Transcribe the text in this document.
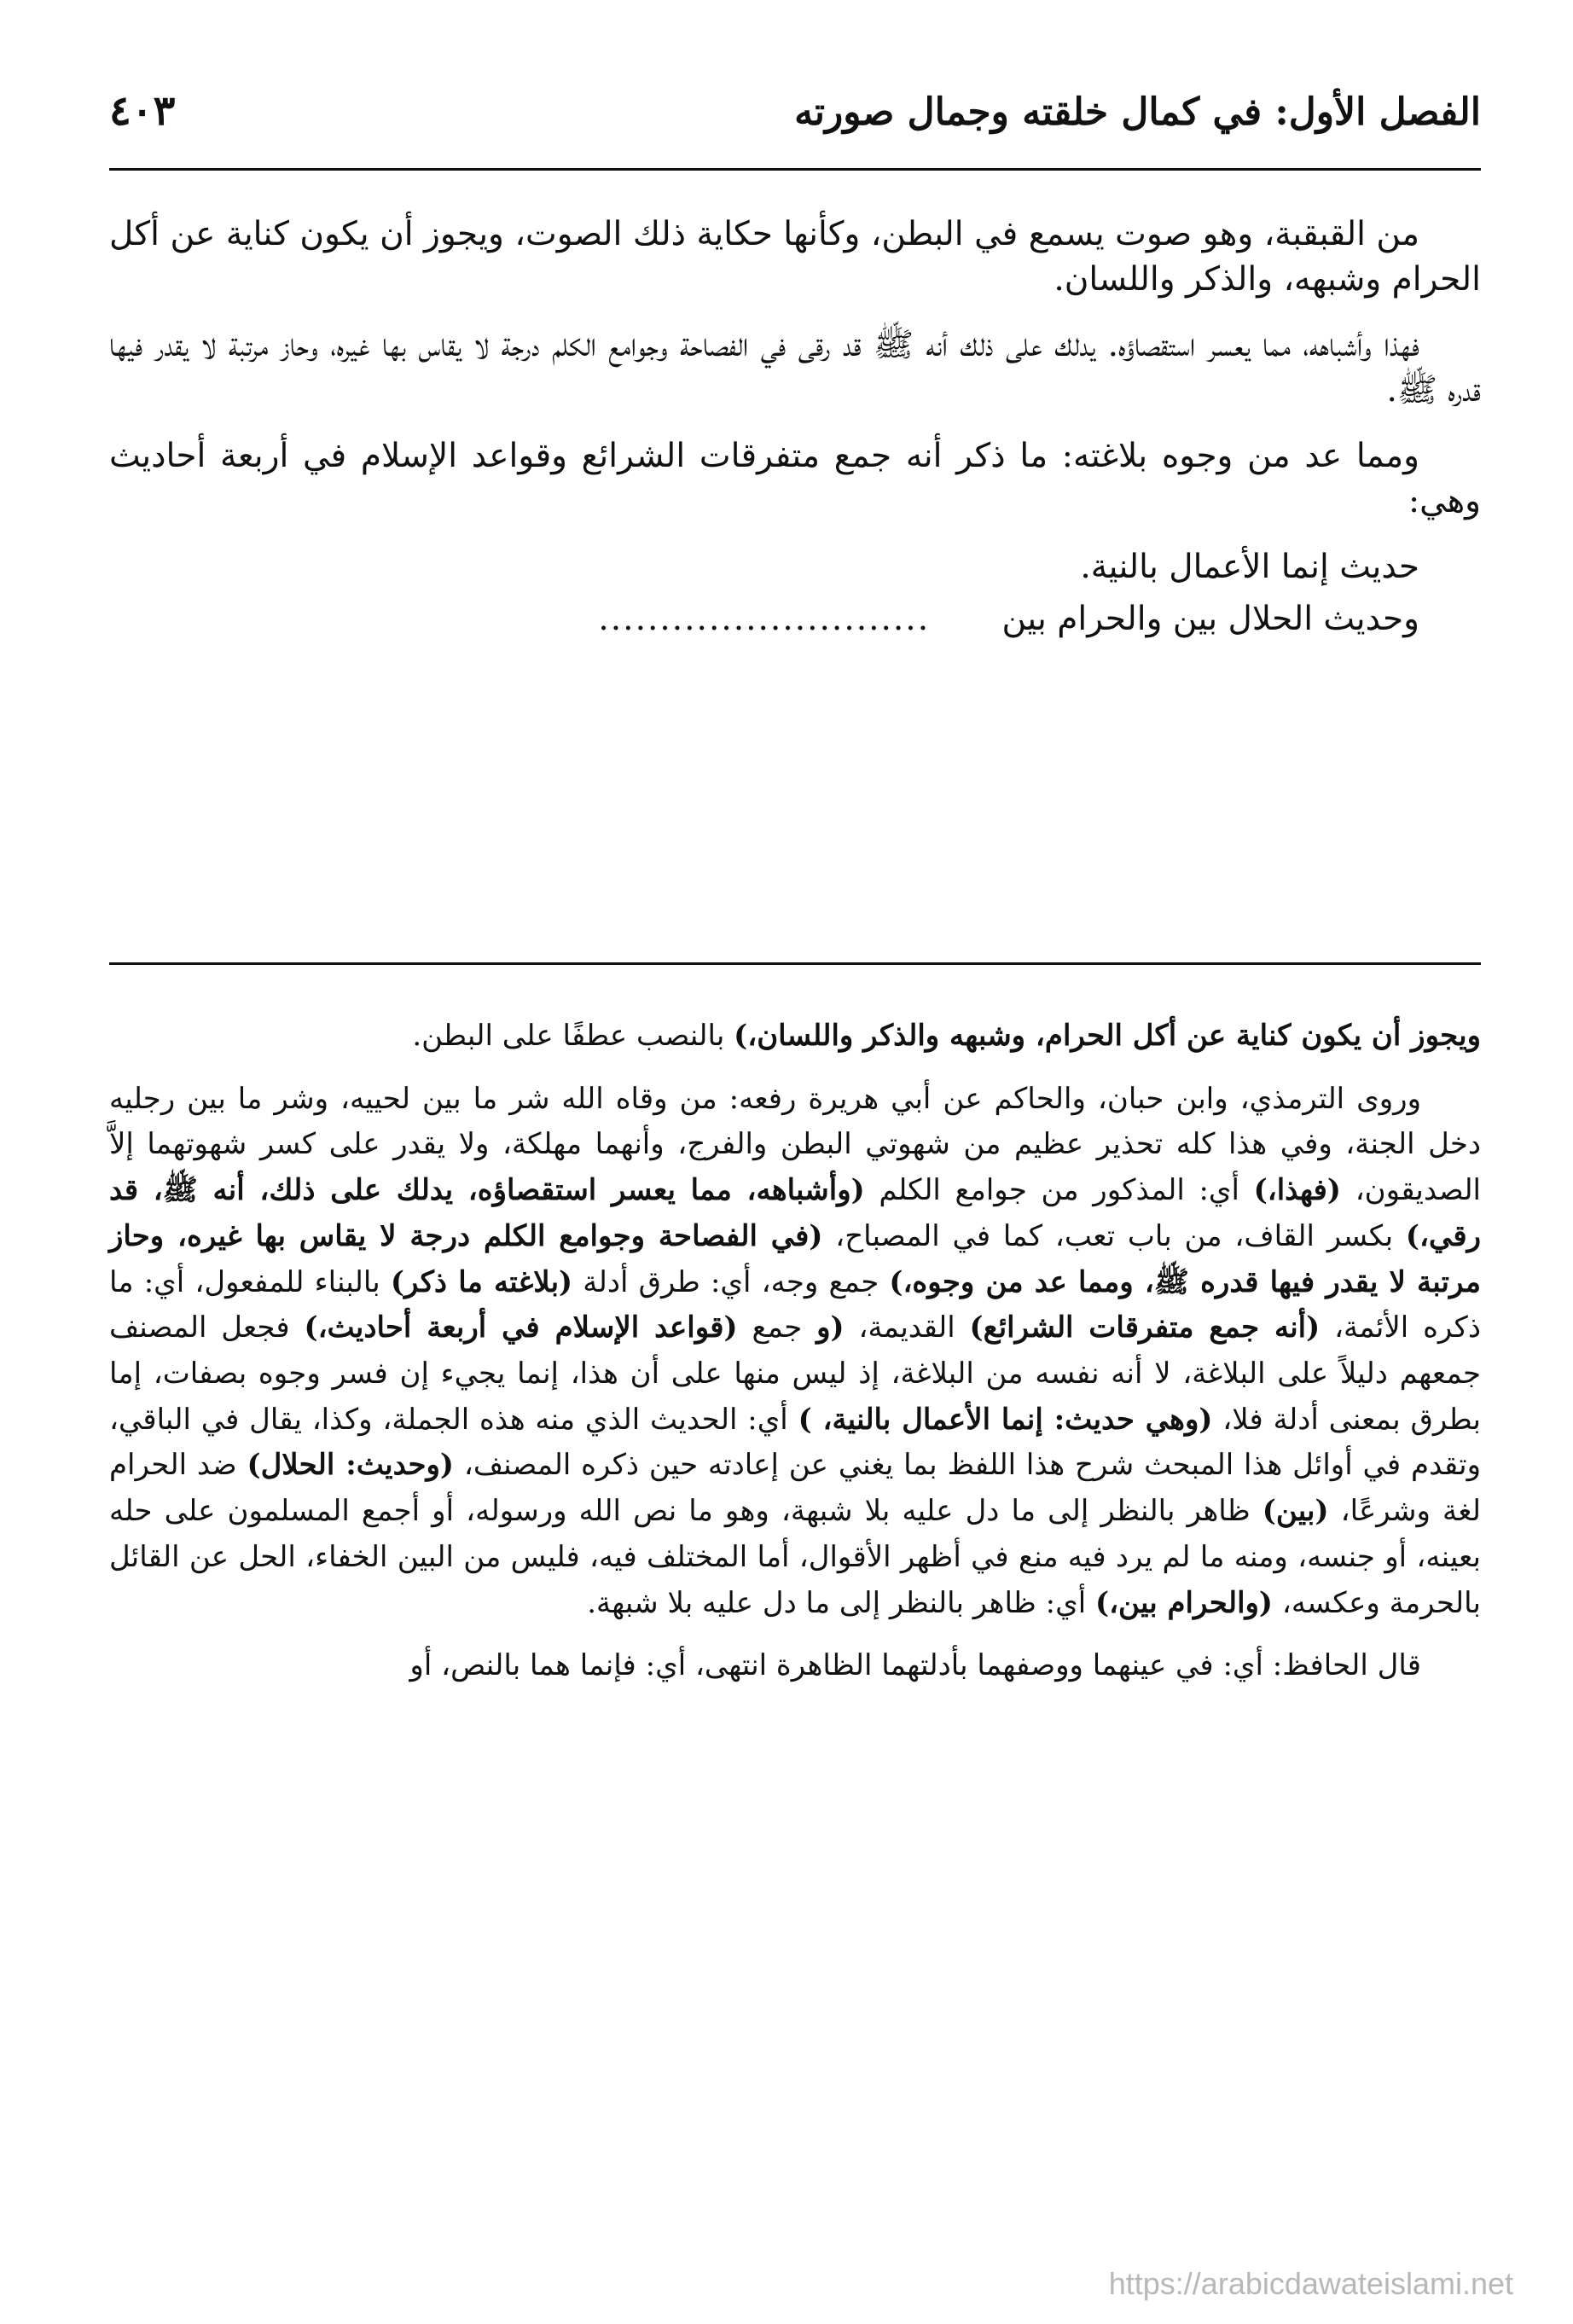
الفصل الأول: في كمال خلقته وجمال صورته
٤٠٣

من القبقبة، وهو صوت يسمع في البطن، وكأنها حكاية ذلك الصوت، ويجوز أن يكون كناية عن أكل الحرام وشبهه، والذكر واللسان.

فهذا وأشباهه، مما يعسر استقصاؤه. يدلك على ذلك أنه ﷺ قد رقى في الفصاحة وجوامع الكلم درجة لا يقاس بها غيره، وحاز مرتبة لا يقدر فيها قدره ﷺ.

ومما عد من وجوه بلاغته: ما ذكر أنه جمع متفرقات الشرائع وقواعد الإسلام في أربعة أحاديث وهي:

حديث إنما الأعمال بالنية.

وحديث الحلال بين والحرام بين ...........................

ويجوز أن يكون كناية عن أكل الحرام، وشبهه والذكر واللسان،) بالنصب عطفًا على البطن.

وروى الترمذي، وابن حبان، والحاكم عن أبي هريرة رفعه: من وقاه الله شر ما بين لحييه، وشر ما بين رجليه دخل الجنة، وفي هذا كله تحذير عظيم من شهوتي البطن والفرج، وأنهما مهلكة، ولا يقدر على كسر شهوتهما إلاَّ الصديقون، (فهذا،) أي: المذكور من جوامع الكلم (وأشباهه، مما يعسر استقصاؤه، يدلك على ذلك، أنه ﷺ، قد رقي،) بكسر القاف، من باب تعب، كما في المصباح، (في الفصاحة وجوامع الكلم درجة لا يقاس بها غيره، وحاز مرتبة لا يقدر فيها قدره ﷺ، ومما عد من وجوه،) جمع وجه، أي: طرق أدلة (بلاغته ما ذكر) بالبناء للمفعول، أي: ما ذكره الأئمة، (أنه جمع متفرقات الشرائع) القديمة، (و جمع (قواعد الإسلام في أربعة أحاديث،) فجعل المصنف جمعهم دليلاً على البلاغة، لا أنه نفسه من البلاغة، إذ ليس منها على أن هذا، إنما يجيء إن فسر وجوه بصفات، إما بطرق بمعنى أدلة فلا، (وهي حديث: إنما الأعمال بالنية، ) أي: الحديث الذي منه هذه الجملة، وكذا، يقال في الباقي، وتقدم في أوائل هذا المبحث شرح هذا اللفظ بما يغني عن إعادته حين ذكره المصنف، (وحديث: الحلال) ضد الحرام لغة وشرعًا، (بين) ظاهر بالنظر إلى ما دل عليه بلا شبهة، وهو ما نص الله ورسوله، أو أجمع المسلمون على حله بعينه، أو جنسه، ومنه ما لم يرد فيه منع في أظهر الأقوال، أما المختلف فيه، فليس من البين الخفاء، الحل عن القائل بالحرمة وعكسه، (والحرام بين،) أي: ظاهر بالنظر إلى ما دل عليه بلا شبهة.

قال الحافظ: أي: في عينهما ووصفهما بأدلتهما الظاهرة انتهى، أي: فإنما هما بالنص، أو

https://arabicdawateislami.net
